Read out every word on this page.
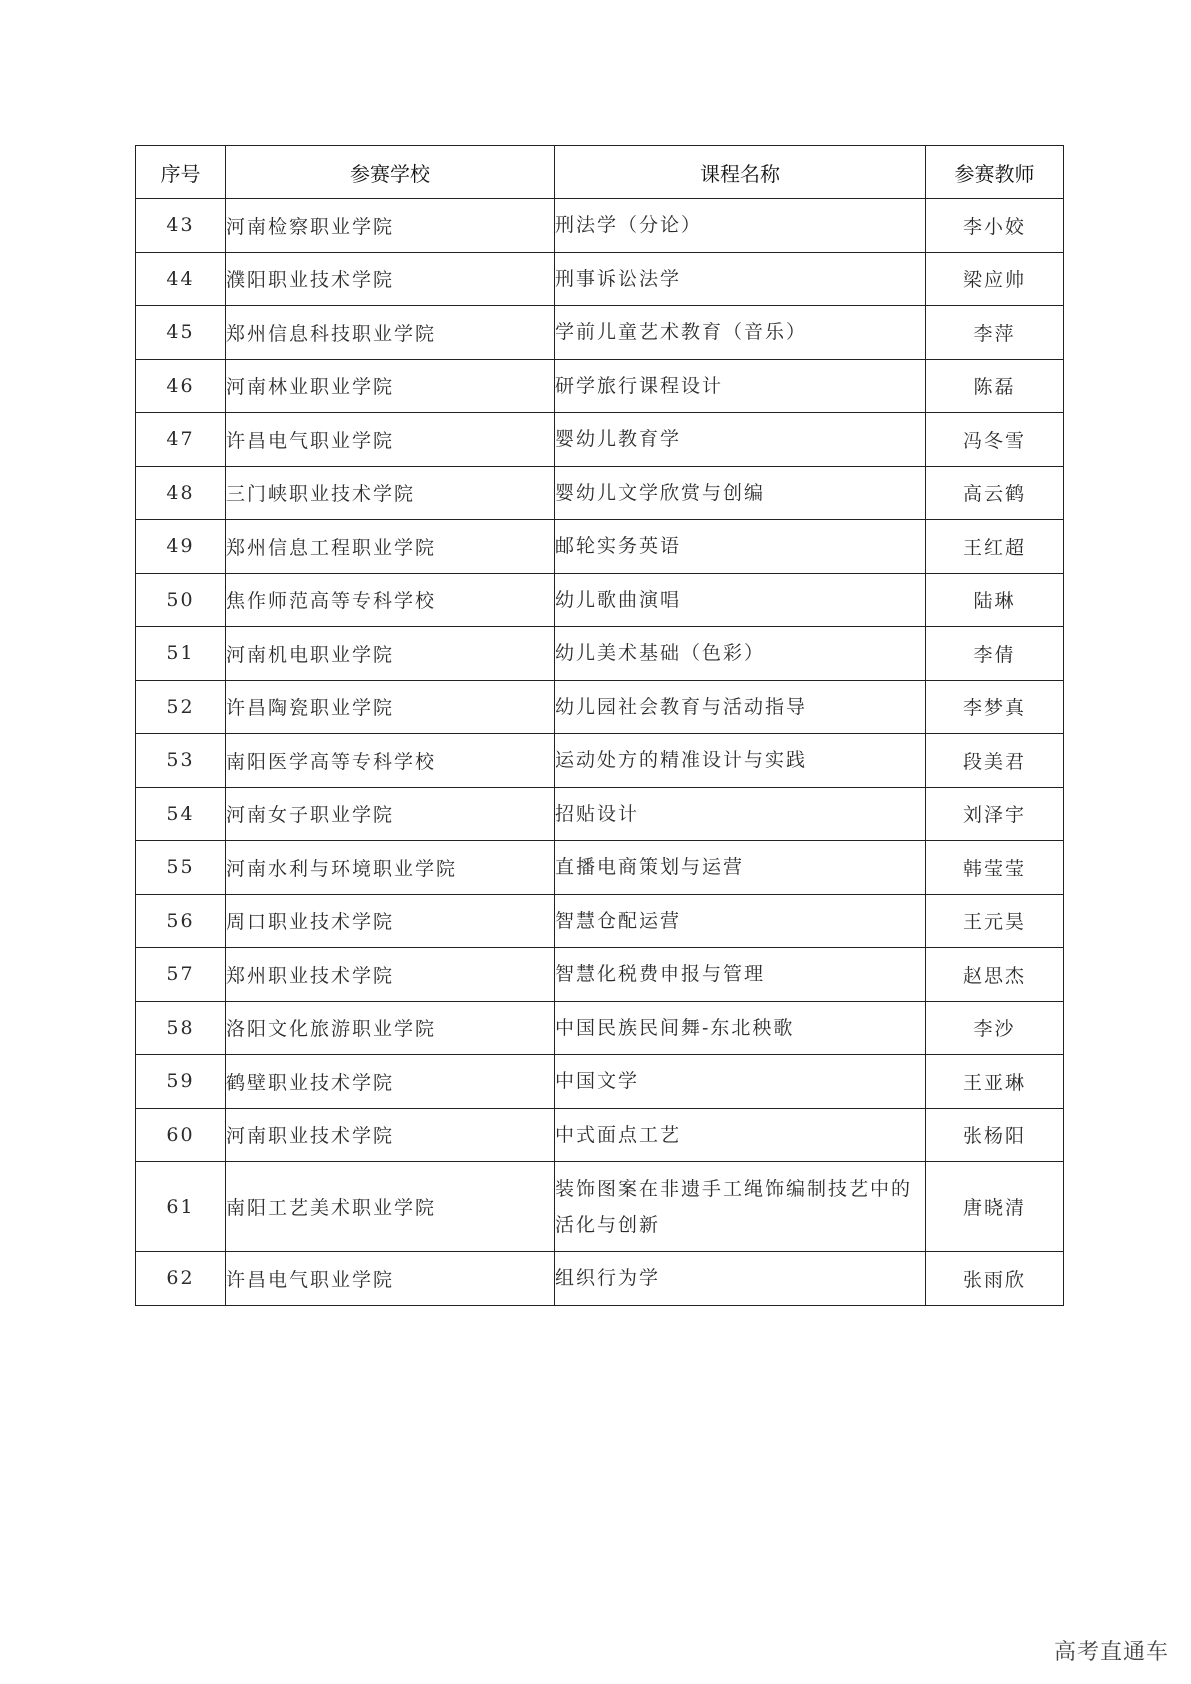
序号	参赛学校	课程名称	参赛教师
43	河南检察职业学院	刑法学（分论）	李小姣
44	濮阳职业技术学院	刑事诉讼法学	梁应帅
45	郑州信息科技职业学院	学前儿童艺术教育（音乐）	李萍
46	河南林业职业学院	研学旅行课程设计	陈磊
47	许昌电气职业学院	婴幼儿教育学	冯冬雪
48	三门峡职业技术学院	婴幼儿文学欣赏与创编	高云鹤
49	郑州信息工程职业学院	邮轮实务英语	王红超
50	焦作师范高等专科学校	幼儿歌曲演唱	陆琳
51	河南机电职业学院	幼儿美术基础（色彩）	李倩
52	许昌陶瓷职业学院	幼儿园社会教育与活动指导	李梦真
53	南阳医学高等专科学校	运动处方的精准设计与实践	段美君
54	河南女子职业学院	招贴设计	刘泽宇
55	河南水利与环境职业学院	直播电商策划与运营	韩莹莹
56	周口职业技术学院	智慧仓配运营	王元昊
57	郑州职业技术学院	智慧化税费申报与管理	赵思杰
58	洛阳文化旅游职业学院	中国民族民间舞-东北秧歌	李沙
59	鹤壁职业技术学院	中国文学	王亚琳
60	河南职业技术学院	中式面点工艺	张杨阳
61	南阳工艺美术职业学院	装饰图案在非遗手工绳饰编制技艺中的活化与创新	唐晓清
62	许昌电气职业学院	组织行为学	张雨欣
高考直通车
